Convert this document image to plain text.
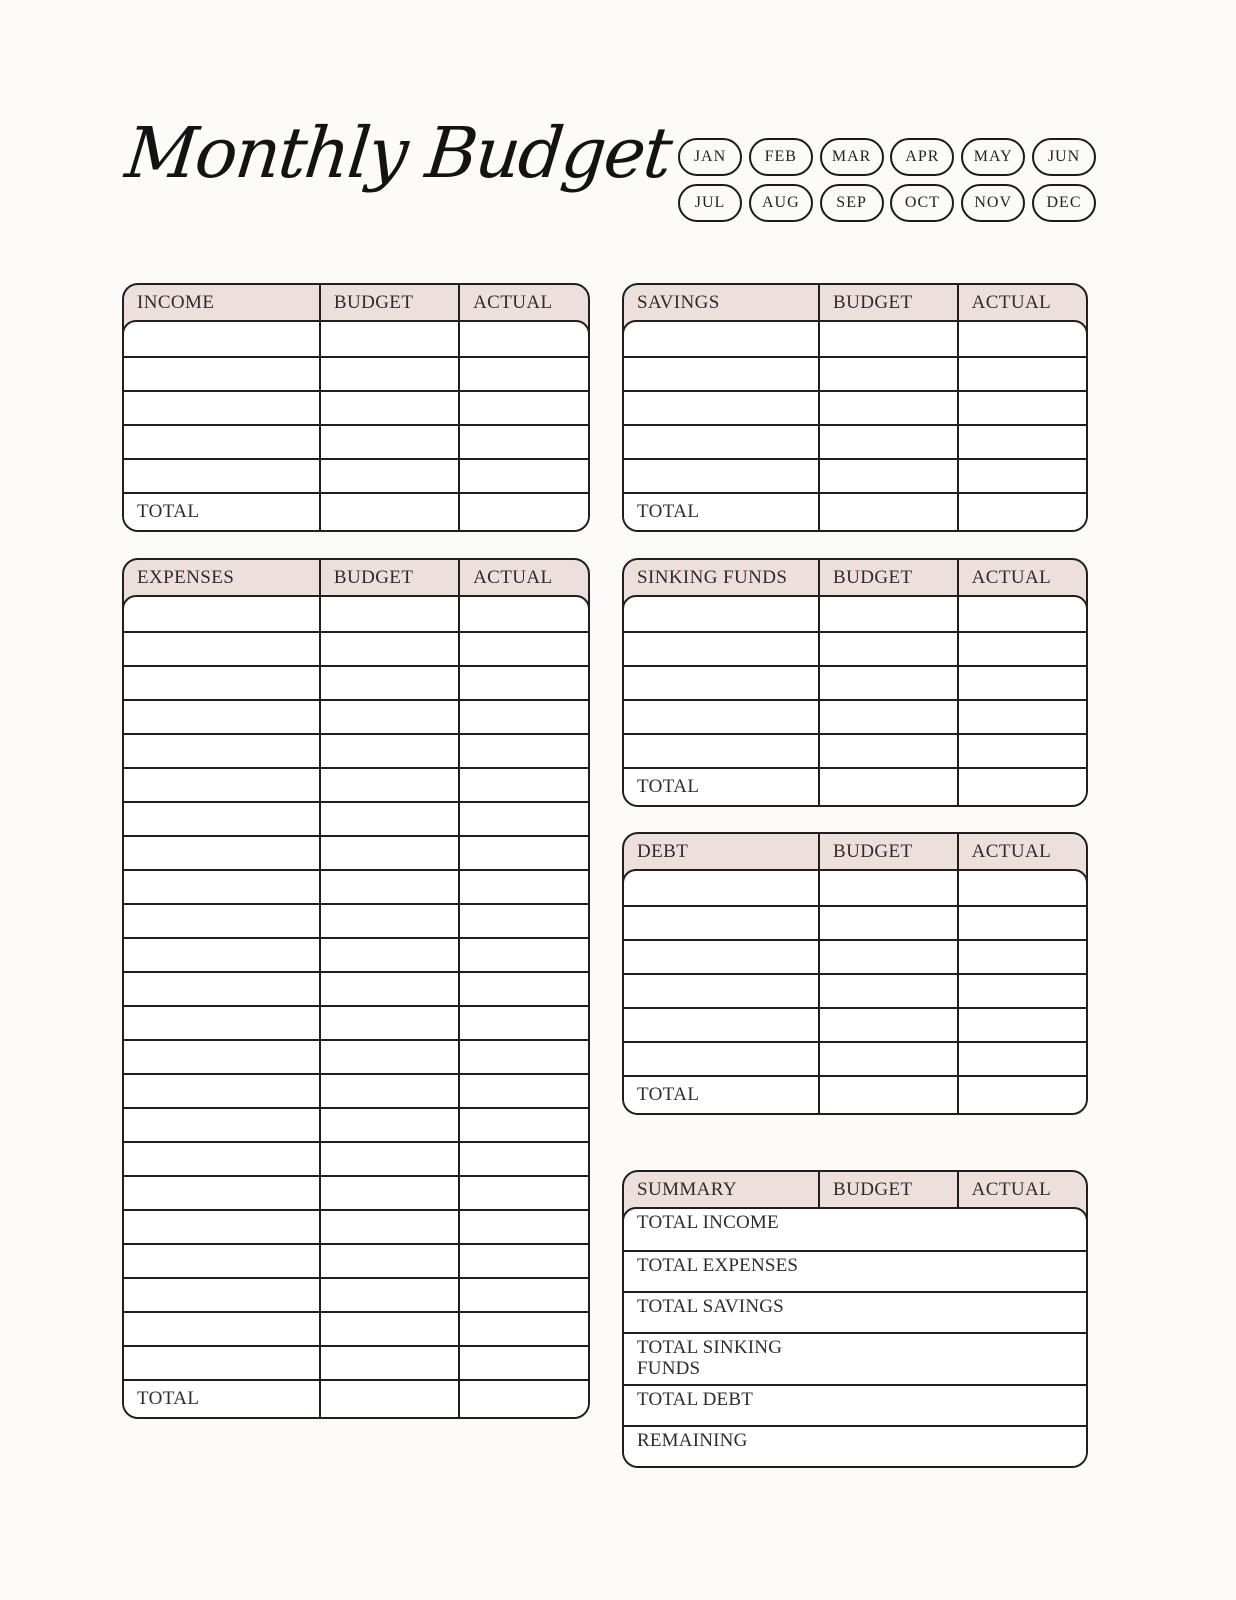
Monthly Budget	JAN	FEB	MAR	APR	MAY	JUN
JUL	AUG	SEP	OCT	NOV	DEC
INCOME	BUDGET	ACTUAL
TOTAL
SAVINGS	BUDGET	ACTUAL
TOTAL
EXPENSES	BUDGET	ACTUAL
TOTAL
SINKING FUNDS	BUDGET	ACTUAL
TOTAL
DEBT	BUDGET	ACTUAL
TOTAL
SUMMARY	BUDGET	ACTUAL
TOTAL INCOME
TOTAL EXPENSES
TOTAL SAVINGS
TOTAL SINKING FUNDS
TOTAL DEBT
REMAINING
